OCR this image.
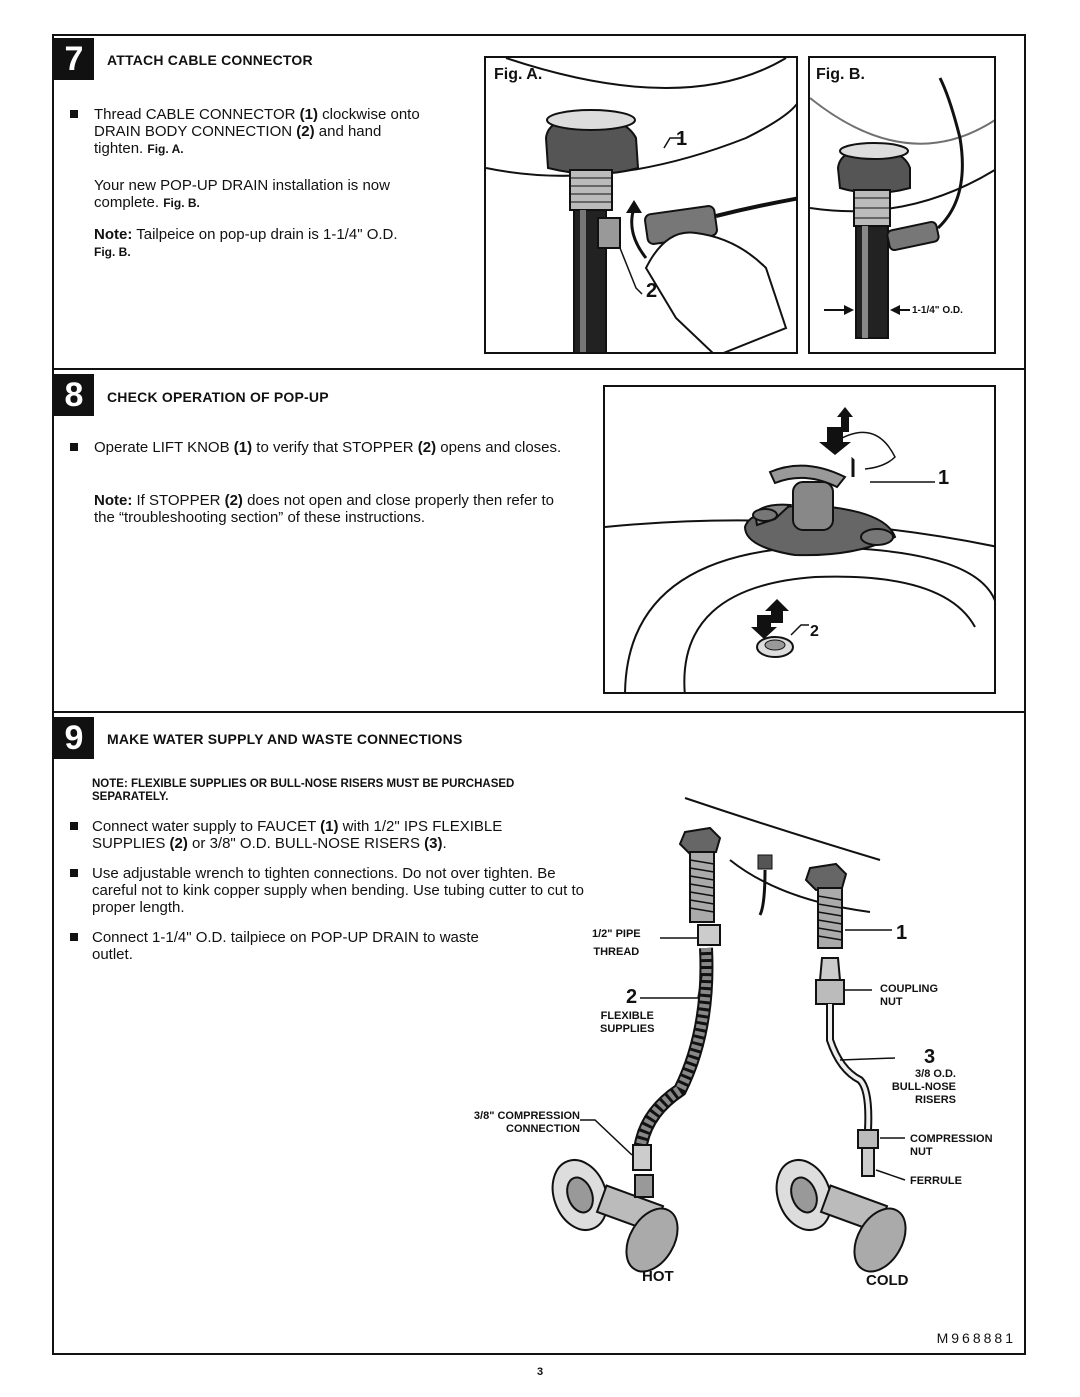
7	ATTACH CABLE CONNECTOR
Thread CABLE CONNECTOR (1) clockwise onto DRAIN BODY CONNECTION (2) and hand tighten. Fig. A.
Your new POP-UP DRAIN installation is now complete. Fig. B.
Note: Tailpeice on pop-up drain is 1-1/4" O.D.
Fig. B.
Fig. A.
1
2
Fig. B.
1-1/4" O.D.
8	CHECK OPERATION OF POP-UP
Operate LIFT KNOB (1) to verify that STOPPER (2) opens and closes.
Note: If STOPPER (2) does not open and close properly then refer to the “troubleshooting section” of these instructions.
1
2
9	MAKE WATER SUPPLY AND WASTE CONNECTIONS
NOTE: FLEXIBLE SUPPLIES OR BULL-NOSE RISERS MUST BE PURCHASED SEPARATELY.
Connect water supply to FAUCET (1) with 1/2" IPS FLEXIBLE SUPPLIES (2) or 3/8" O.D. BULL-NOSE RISERS (3).
Use adjustable wrench to tighten connections. Do not over tighten. Be careful not to kink copper supply when bending. Use tubing cutter to cut to proper length.
Connect 1-1/4" O.D. tailpiece on POP-UP DRAIN to waste outlet.
1/2" PIPE
THREAD
2
FLEXIBLE
SUPPLIES
3/8" COMPRESSION
CONNECTION
1
COUPLING
NUT
3
3/8 O.D.
BULL-NOSE
RISERS
COMPRESSION
NUT
FERRULE
HOT	COLD
M968881
3
